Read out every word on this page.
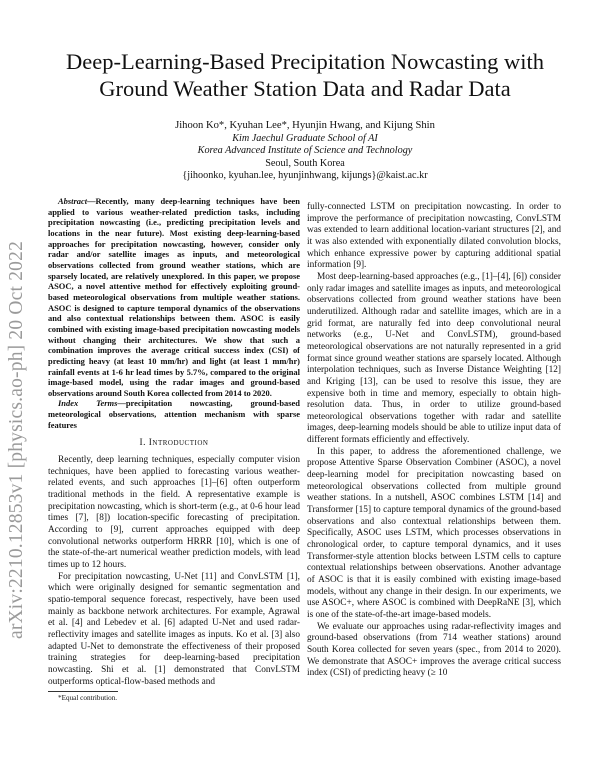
arXiv:2210.12853v1 [physics.ao-ph] 20 Oct 2022
Deep-Learning-Based Precipitation Nowcasting with
Ground Weather Station Data and Radar Data
Jihoon Ko*, Kyuhan Lee*, Hyunjin Hwang, and Kijung Shin
Kim Jaechul Graduate School of AI
Korea Advanced Institute of Science and Technology
Seoul, South Korea
{jihoonko, kyuhan.lee, hyunjinhwang, kijungs}@kaist.ac.kr

Abstract—Recently, many deep-learning techniques have been applied to various weather-related prediction tasks, including precipitation nowcasting (i.e., predicting precipitation levels and locations in the near future). Most existing deep-learning-based approaches for precipitation nowcasting, however, consider only radar and/or satellite images as inputs, and meteorological observations collected from ground weather stations, which are sparsely located, are relatively unexplored. In this paper, we propose ASOC, a novel attentive method for effectively exploiting ground-based meteorological observations from multiple weather stations. ASOC is designed to capture temporal dynamics of the observations and also contextual relationships between them. ASOC is easily combined with existing image-based precipitation nowcasting models without changing their architectures. We show that such a combination improves the average critical success index (CSI) of predicting heavy (at least 10 mm/hr) and light (at least 1 mm/hr) rainfall events at 1-6 hr lead times by 5.7%, compared to the original image-based model, using the radar images and ground-based observations around South Korea collected from 2014 to 2020.

Index Terms—precipitation nowcasting, ground-based meteorological observations, attention mechanism with sparse features

I. Introduction

Recently, deep learning techniques, especially computer vision techniques, have been applied to forecasting various weather-related events, and such approaches [1]–[6] often outperform traditional methods in the field. A representative example is precipitation nowcasting, which is short-term (e.g., at 0-6 hour lead times [7], [8]) location-specific forecasting of precipitation. According to [9], current approaches equipped with deep convolutional networks outperform HRRR [10], which is one of the state-of-the-art numerical weather prediction models, with lead times up to 12 hours.

For precipitation nowcasting, U-Net [11] and ConvLSTM [1], which were originally designed for semantic segmentation and spatio-temporal sequence forecast, respectively, have been used mainly as backbone network architectures. For example, Agrawal et al. [4] and Lebedev et al. [6] adapted U-Net and used radar-reflectivity images and satellite images as inputs. Ko et al. [3] also adapted U-Net to demonstrate the effectiveness of their proposed training strategies for deep-learning-based precipitation nowcasting. Shi et al. [1] demonstrated that ConvLSTM outperforms optical-flow-based methods and

*Equal contribution.

fully-connected LSTM on precipitation nowcasting. In order to improve the performance of precipitation nowcasting, ConvLSTM was extended to learn additional location-variant structures [2], and it was also extended with exponentially dilated convolution blocks, which enhance expressive power by capturing additional spatial information [9].

Most deep-learning-based approaches (e.g., [1]–[4], [6]) consider only radar images and satellite images as inputs, and meteorological observations collected from ground weather stations have been underutilized. Although radar and satellite images, which are in a grid format, are naturally fed into deep convolutional neural networks (e.g., U-Net and ConvLSTM), ground-based meteorological observations are not naturally represented in a grid format since ground weather stations are sparsely located. Although interpolation techniques, such as Inverse Distance Weighting [12] and Kriging [13], can be used to resolve this issue, they are expensive both in time and memory, especially to obtain high-resolution data. Thus, in order to utilize ground-based meteorological observations together with radar and satellite images, deep-learning models should be able to utilize input data of different formats efficiently and effectively.

In this paper, to address the aforementioned challenge, we propose Attentive Sparse Observation Combiner (ASOC), a novel deep-learning model for precipitation nowcasting based on meteorological observations collected from multiple ground weather stations. In a nutshell, ASOC combines LSTM [14] and Transformer [15] to capture temporal dynamics of the ground-based observations and also contextual relationships between them. Specifically, ASOC uses LSTM, which processes observations in chronological order, to capture temporal dynamics, and it uses Transformer-style attention blocks between LSTM cells to capture contextual relationships between observations. Another advantage of ASOC is that it is easily combined with existing image-based models, without any change in their design. In our experiments, we use ASOC+, where ASOC is combined with DeepRaNE [3], which is one of the state-of-the-art image-based models.

We evaluate our approaches using radar-reflectivity images and ground-based observations (from 714 weather stations) around South Korea collected for seven years (spec., from 2014 to 2020). We demonstrate that ASOC+ improves the average critical success index (CSI) of predicting heavy (≥ 10
